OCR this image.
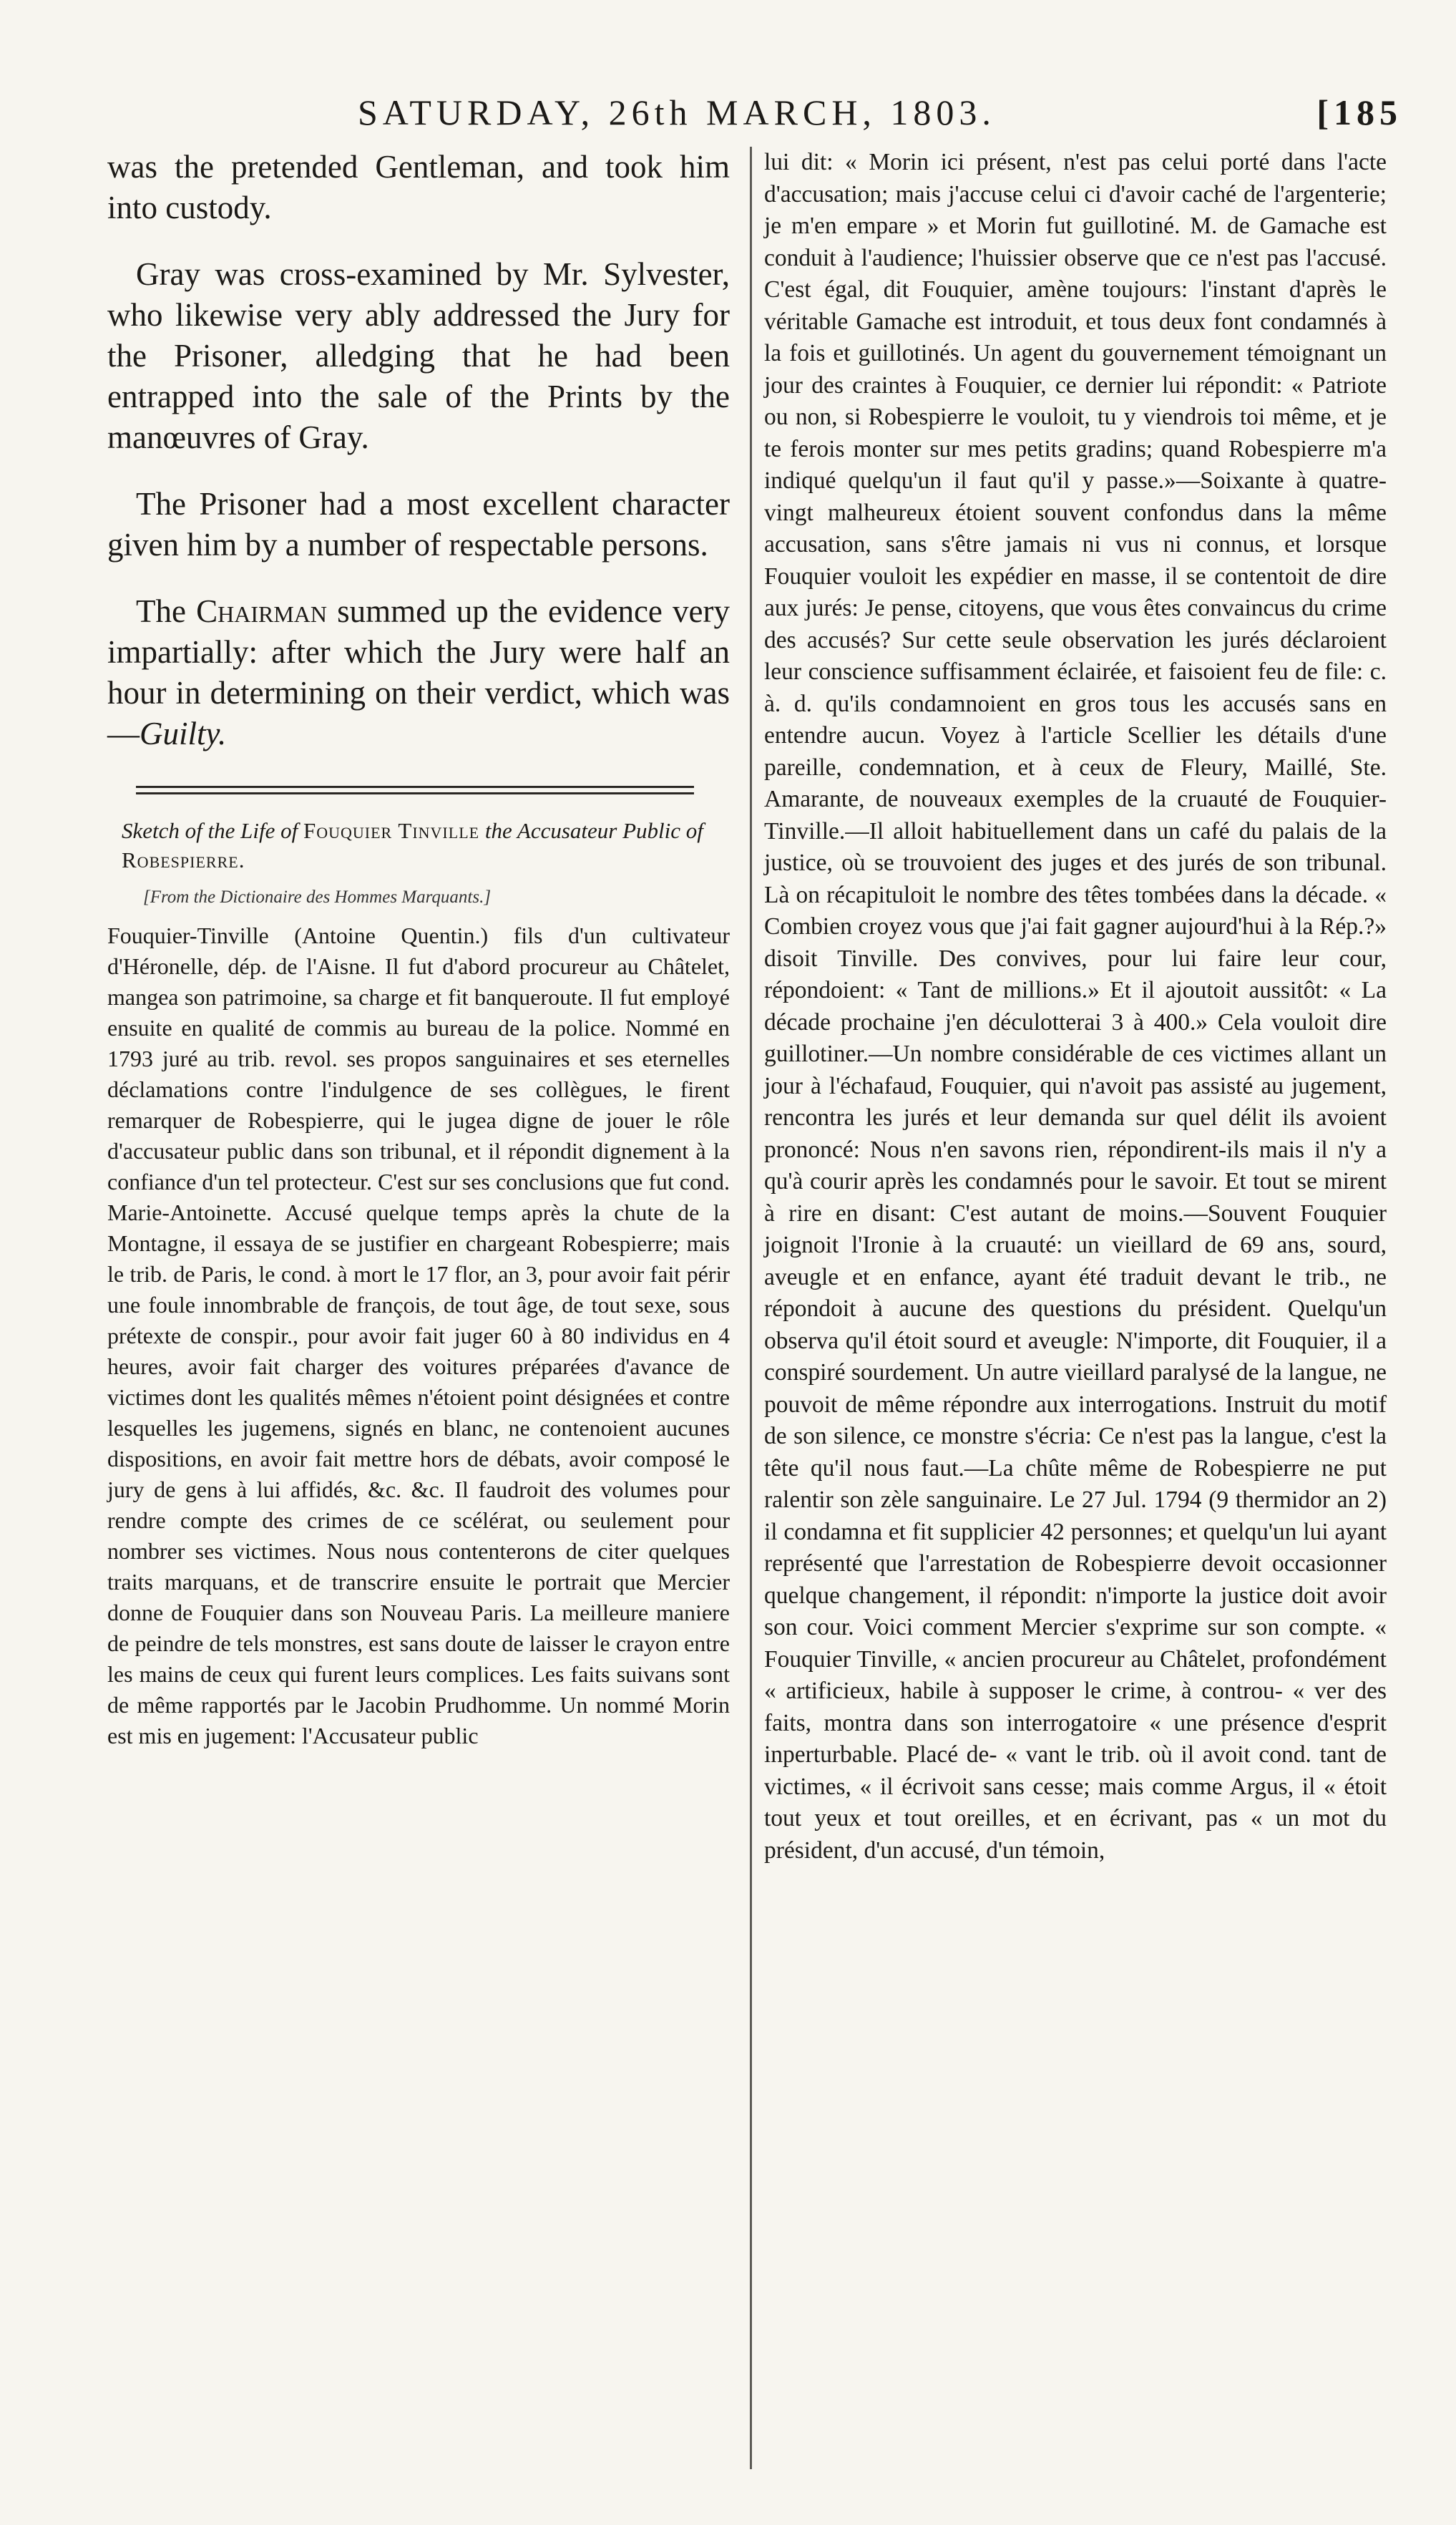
SATURDAY, 26th MARCH, 1803.	[185

was the pretended Gentleman, and took him into custody.

Gray was cross-examined by Mr. Sylvester, who likewise very ably addressed the Jury for the Prisoner, alledging that he had been entrapped into the sale of the Prints by the manœuvres of Gray.

The Prisoner had a most excellent character given him by a number of respectable persons.

The Chairman summed up the evidence very impartially: after which the Jury were half an hour in determining on their verdict, which was—Guilty.

Sketch of the Life of Fouquier Tinville the Accusateur Public of Robespierre.
[From the Dictionaire des Hommes Marquants.]

Fouquier-Tinville (Antoine Quentin.) fils d'un cultivateur d'Héronelle, dép. de l'Aisne. Il fut d'abord procureur au Châtelet, mangea son patrimoine, sa charge et fit banqueroute. Il fut employé ensuite en qualité de commis au bureau de la police. Nommé en 1793 juré au trib. revol. ses propos sanguinaires et ses eternelles déclamations contre l'indulgence de ses collègues, le firent remarquer de Robespierre, qui le jugea digne de jouer le rôle d'accusateur public dans son tribunal, et il répondit dignement à la confiance d'un tel protecteur. C'est sur ses conclusions que fut cond. Marie-Antoinette. Accusé quelque temps après la chute de la Montagne, il essaya de se justifier en chargeant Robespierre; mais le trib. de Paris, le cond. à mort le 17 flor, an 3, pour avoir fait périr une foule innombrable de françois, de tout âge, de tout sexe, sous prétexte de conspir., pour avoir fait juger 60 à 80 individus en 4 heures, avoir fait charger des voitures préparées d'avance de victimes dont les qualités mêmes n'étoient point désignées et contre lesquelles les jugemens, signés en blanc, ne contenoient aucunes dispositions, en avoir fait mettre hors de débats, avoir composé le jury de gens à lui affidés, &c. &c. Il faudroit des volumes pour rendre compte des crimes de ce scélérat, ou seulement pour nombrer ses victimes. Nous nous contenterons de citer quelques traits marquans, et de transcrire ensuite le portrait que Mercier donne de Fouquier dans son Nouveau Paris. La meilleure maniere de peindre de tels monstres, est sans doute de laisser le crayon entre les mains de ceux qui furent leurs complices. Les faits suivans sont de même rapportés par le Jacobin Prudhomme. Un nommé Morin est mis en jugement: l'Accusateur public

lui dit: « Morin ici présent, n'est pas celui porté dans l'acte d'accusation; mais j'accuse celui ci d'avoir caché de l'argenterie; je m'en empare » et Morin fut guillotiné. M. de Gamache est conduit à l'audience; l'huissier observe que ce n'est pas l'accusé. C'est égal, dit Fouquier, amène toujours: l'instant d'après le véritable Gamache est introduit, et tous deux font condamnés à la fois et guillotinés. Un agent du gouvernement témoignant un jour des craintes à Fouquier, ce dernier lui répondit: « Patriote ou non, si Robespierre le vouloit, tu y viendrois toi même, et je te ferois monter sur mes petits gradins; quand Robespierre m'a indiqué quelqu'un il faut qu'il y passe.»—Soixante à quatre-vingt malheureux étoient souvent confondus dans la même accusation, sans s'être jamais ni vus ni connus, et lorsque Fouquier vouloit les expédier en masse, il se contentoit de dire aux jurés: Je pense, citoyens, que vous êtes convaincus du crime des accusés? Sur cette seule observation les jurés déclaroient leur conscience suffisamment éclairée, et faisoient feu de file: c. à. d. qu'ils condamnoient en gros tous les accusés sans en entendre aucun. Voyez à l'article Scellier les détails d'une pareille, condemnation, et à ceux de Fleury, Maillé, Ste. Amarante, de nouveaux exemples de la cruauté de Fouquier-Tinville.—Il alloit habituellement dans un café du palais de la justice, où se trouvoient des juges et des jurés de son tribunal. Là on récapituloit le nombre des têtes tombées dans la décade. « Combien croyez vous que j'ai fait gagner aujourd'hui à la Rép.?» disoit Tinville. Des convives, pour lui faire leur cour, répondoient: « Tant de millions.» Et il ajoutoit aussitôt: « La décade prochaine j'en déculotterai 3 à 400.» Cela vouloit dire guillotiner.—Un nombre considérable de ces victimes allant un jour à l'échafaud, Fouquier, qui n'avoit pas assisté au jugement, rencontra les jurés et leur demanda sur quel délit ils avoient prononcé: Nous n'en savons rien, répondirent-ils mais il n'y a qu'à courir après les condamnés pour le savoir. Et tout se mirent à rire en disant: C'est autant de moins.—Souvent Fouquier joignoit l'Ironie à la cruauté: un vieillard de 69 ans, sourd, aveugle et en enfance, ayant été traduit devant le trib., ne répondoit à aucune des questions du président. Quelqu'un observa qu'il étoit sourd et aveugle: N'importe, dit Fouquier, il a conspiré sourdement. Un autre vieillard paralysé de la langue, ne pouvoit de même répondre aux interrogations. Instruit du motif de son silence, ce monstre s'écria: Ce n'est pas la langue, c'est la tête qu'il nous faut.—La chûte même de Robespierre ne put ralentir son zèle sanguinaire. Le 27 Jul. 1794 (9 thermidor an 2) il condamna et fit supplicier 42 personnes; et quelqu'un lui ayant représenté que l'arrestation de Robespierre devoit occasionner quelque changement, il répondit: n'importe la justice doit avoir son cour. Voici comment Mercier s'exprime sur son compte. « Fouquier Tinville, « ancien procureur au Châtelet, profondément « artificieux, habile à supposer le crime, à controu- « ver des faits, montra dans son interrogatoire « une présence d'esprit inperturbable. Placé de- « vant le trib. où il avoit cond. tant de victimes, « il écrivoit sans cesse; mais comme Argus, il « étoit tout yeux et tout oreilles, et en écrivant, pas « un mot du président, d'un accusé, d'un témoin,
